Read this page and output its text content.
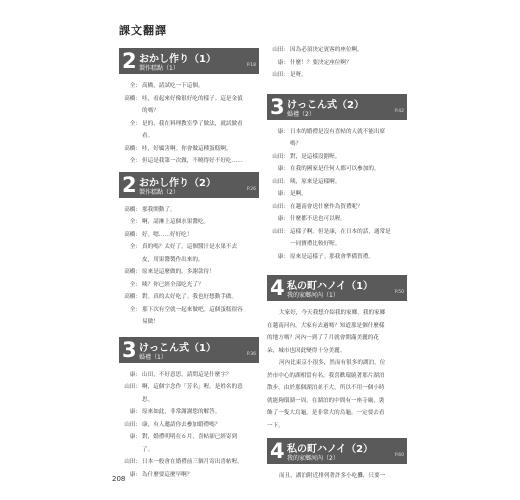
課文翻譯
2 おかし作り（1）
製作糕點（1）	P.18
全： 高橋，請試吃一下這個。
高橋： 哇，看起來好像很好吃的樣子。這是金偵
的嗎？
全： 是的，我在料理教室學了做法，就試做看
看。
高橋： 哇，好厲害啊。你會做這種蛋糕啊。
全： 但這是我第一次做，不曉得好不好吃……
2 おかし作り（2）
製作糕點（2）	P.26
高橋： 那我開動了。
全： 啊，請淋上這個水果醬吃。
高橋： 好。嗯……好好吃！
全： 真的嗎？太好了。這個醬汁是水果不去
皮，用果醬製作出來的。
高橋： 原來是這麼做的。多謝款待！
全： 咦？你已經全部吃光了？
高橋： 對。真的太好吃了。我也好想動手做。
全： 那下次有空就一起來做吧。這個蛋糕很容
易做！
3 けっこん式（1）
婚禮（1）	P.36
康： 山田，不好意思。請問這是什麼字？
山田： 啊，這個字念作「芳名」喔。是姓名的意
思。
康： 原來如此，非常謝謝您的解答。
山田： 康，有人邀請你去參加婚禮嗎？
康： 對，婚禮明明在６月，喜帖卻已經寄到
了。
山田： 日本一般會在婚禮前三個月寄出喜帖喔。
康： 為什麼要這麼早啊？
山田： 因為必須決定賓客的座位啊。
康： 什麼！？要決定座位啊？
山田： 是呀。
3 けっこん式（2）
婚禮（2）	P.42
康： 日本的婚禮是沒有喜帖的人就不能出席
嗎？
山田： 對，是這樣沒錯喔。
康： 在我的國家是任何人都可以參加的。
山田： 咦，原來是這樣啊。
康： 是啊。
山田： 在越南會送什麼作為賀禮呢？
康： 什麼都不送也可以喔。
山田： 這樣子啊。但是康，在日本的話，通常是
一同寶禮比較好喔。
康： 原來是這樣子。那我會準備賀禮。
4 私の町ハノイ（1）
我的家鄉河內（1）	P.50
大家好，今天我想介紹我的家鄉。我的家鄉
在越南河內。大家有去過嗎？知道那是個什麼樣
的地方嗎？河內一到了７月就會開滿美麗的花
朵，城市也因此變得十分美麗。
河內比東京小很多，然而有很多的湖泊，位
於市中心的湖相當有名。我喜歡環繞著那片湖泊
散步。由於那個湖泊並不大，所以不用一個小時
就能夠環湖一周。在湖泊的中間有一座寺廟，裝
飾了一隻大烏龜，是非常大的烏龜。一定要去看
一下。
4 私の町ハノイ（2）
我的家鄉河內（2）	P.60
而且，湖泊附近排列著許多小吃攤，只要一
208
